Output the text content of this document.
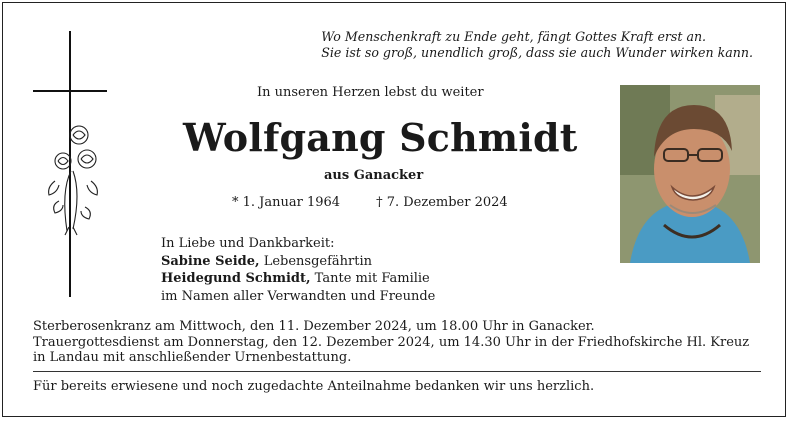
Wo Menschenkraft zu Ende geht, fängt Gottes Kraft erst an.
Sie ist so groß, unendlich groß, dass sie auch Wunder wirken kann.
In unseren Herzen lebst du weiter
Wolfgang Schmidt
aus Ganacker
* 1. Januar 1964	† 7. Dezember 2024
In Liebe und Dankbarkeit:
Sabine Seide, Lebensgefährtin
Heidegund Schmidt, Tante mit Familie
im Namen aller Verwandten und Freunde
Sterberosenkranz am Mittwoch, den 11. Dezember 2024, um 18.00 Uhr in Ganacker.
Trauergottesdienst am Donnerstag, den 12. Dezember 2024, um 14.30 Uhr in der Friedhofskirche Hl. Kreuz
in Landau mit anschließender Urnenbestattung.
Für bereits erwiesene und noch zugedachte Anteilnahme bedanken wir uns herzlich.
